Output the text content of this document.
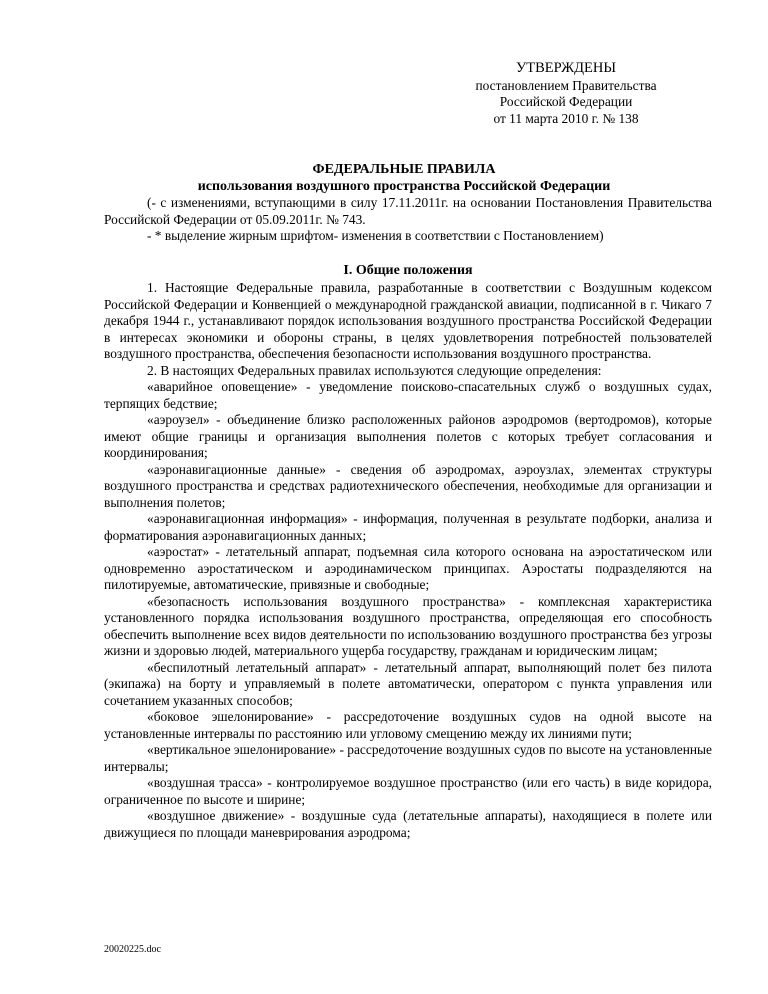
УТВЕРЖДЕНЫ
постановлением Правительства
Российской Федерации
от 11 марта 2010 г. № 138
ФЕДЕРАЛЬНЫЕ ПРАВИЛА
использования воздушного пространства Российской Федерации

(- с изменениями, вступающими в силу 17.11.2011г. на основании Постановления Правительства Российской Федерации от 05.09.2011г. № 743.

- * выделение жирным шрифтом- изменения в соответствии с Постановлением)

I. Общие положения

1. Настоящие Федеральные правила, разработанные в соответствии с Воздушным кодексом Российской Федерации и Конвенцией о международной гражданской авиации, подписанной в г. Чикаго 7 декабря 1944 г., устанавливают порядок использования воздушного пространства Российской Федерации в интересах экономики и обороны страны, в целях удовлетворения потребностей пользователей воздушного пространства, обеспечения безопасности использования воздушного пространства.

2. В настоящих Федеральных правилах используются следующие определения:

«аварийное оповещение» - уведомление поисково-спасательных служб о воздушных судах, терпящих бедствие;

«аэроузел» - объединение близко расположенных районов аэродромов (вертодромов), которые имеют общие границы и организация выполнения полетов с которых требует согласования и координирования;

«аэронавигационные данные» - сведения об аэродромах, аэроузлах, элементах структуры воздушного пространства и средствах радиотехнического обеспечения, необходимые для организации и выполнения полетов;

«аэронавигационная информация» - информация, полученная в результате подборки, анализа и форматирования аэронавигационных данных;

«аэростат» - летательный аппарат, подъемная сила которого основана на аэростатическом или одновременно аэростатическом и аэродинамическом принципах. Аэростаты подразделяются на пилотируемые, автоматические, привязные и свободные;

«безопасность использования воздушного пространства» - комплексная характеристика установленного порядка использования воздушного пространства, определяющая его способность обеспечить выполнение всех видов деятельности по использованию воздушного пространства без угрозы жизни и здоровью людей, материального ущерба государству, гражданам и юридическим лицам;

«беспилотный летательный аппарат» - летательный аппарат, выполняющий полет без пилота (экипажа) на борту и управляемый в полете автоматически, оператором с пункта управления или сочетанием указанных способов;

«боковое эшелонирование» - рассредоточение воздушных судов на одной высоте на установленные интервалы по расстоянию или угловому смещению между их линиями пути;

«вертикальное эшелонирование» - рассредоточение воздушных судов по высоте на установленные интервалы;

«воздушная трасса» - контролируемое воздушное пространство (или его часть) в виде коридора, ограниченное по высоте и ширине;

«воздушное движение» - воздушные суда (летательные аппараты), находящиеся в полете или движущиеся по площади маневрирования аэродрома;

20020225.doc
